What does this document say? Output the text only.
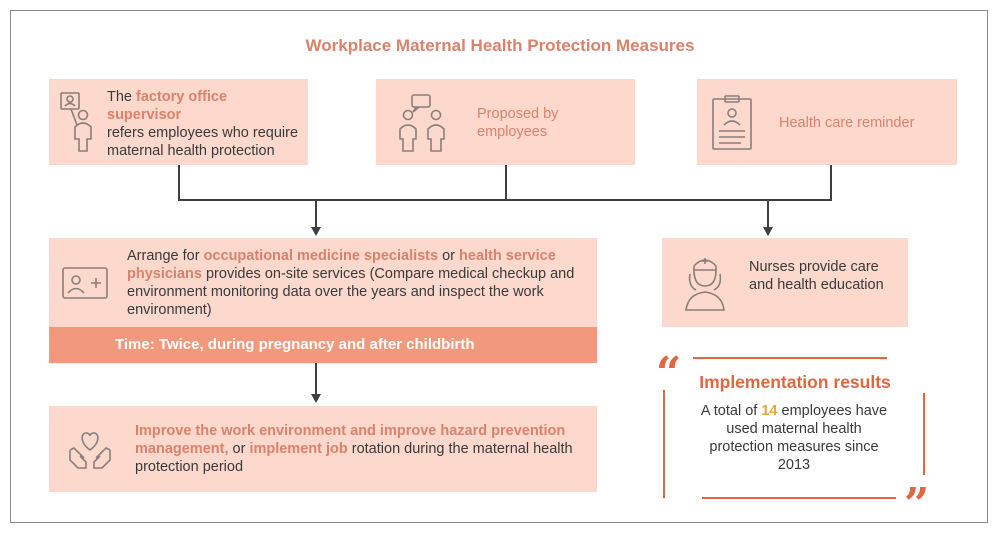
Workplace Maternal Health Protection Measures
The factory office supervisor
refers employees who require maternal health protection
Proposed by employees
Health care reminder
Arrange for occupational medicine specialists or health service physicians provides on-site services (Compare medical checkup and environment monitoring data over the years and inspect the work environment)
Time: Twice, during pregnancy and after childbirth
Improve the work environment and improve hazard prevention management, or implement job rotation during the maternal health protection period
Nurses provide care and health education
“
”
Implementation results
A total of 14 employees have used maternal health protection measures since 2013
